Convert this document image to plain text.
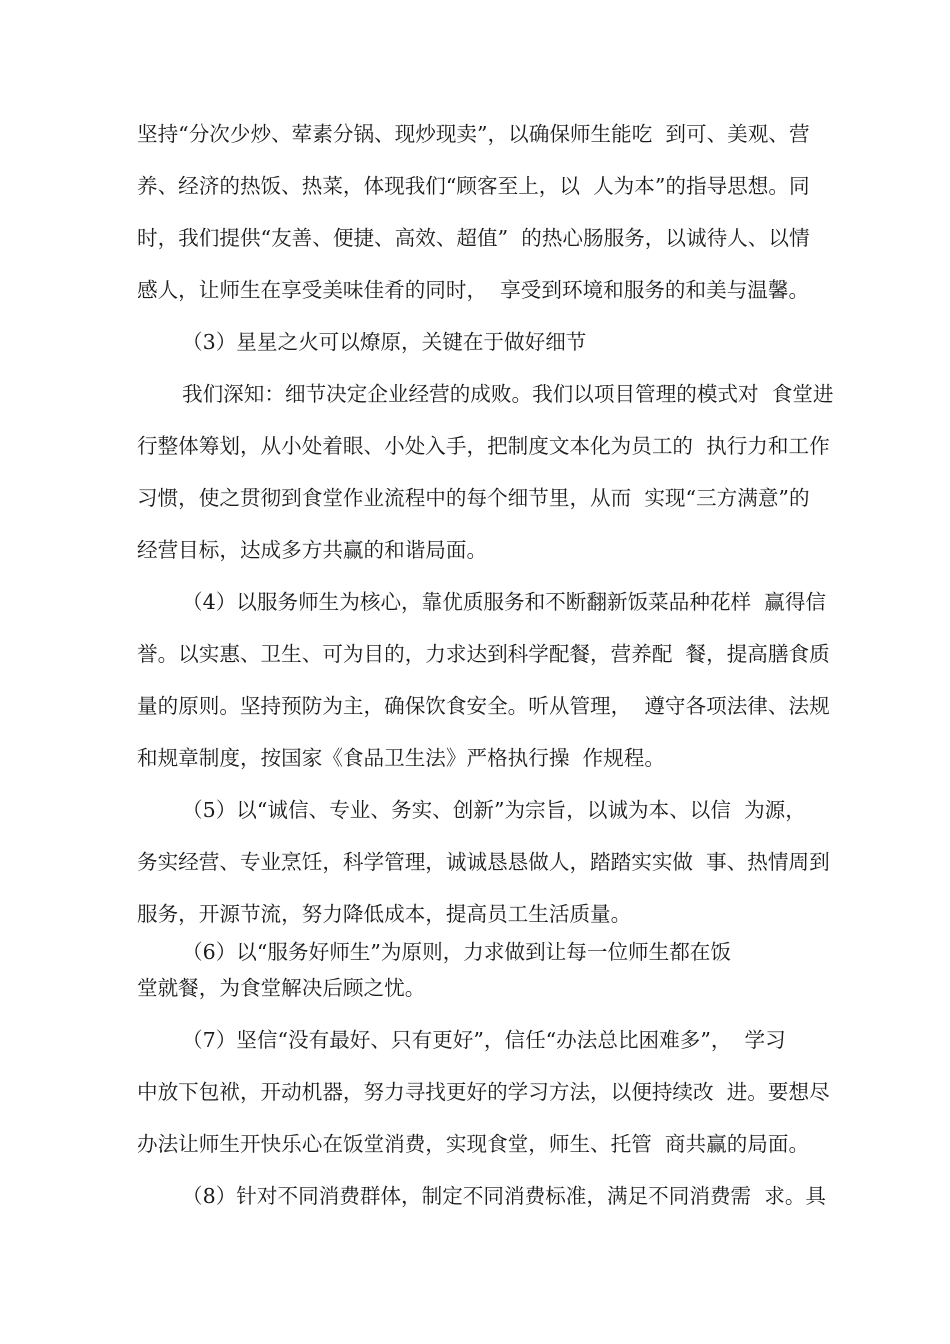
坚持“分次少炒、荤素分锅、现炒现卖”，以确保师生能吃  到可、美观、营
养、经济的热饭、热菜，体现我们“顾客至上，以  人为本”的指导思想。同
时，我们提供“友善、便捷、高效、超值”  的热心肠服务，以诚待人、以情
感人，让师生在享受美味佳肴的同时，  享受到环境和服务的和美与温馨。
（3）星星之火可以燎原，关键在于做好细节
我们深知：细节决定企业经营的成败。我们以项目管理的模式对  食堂进
行整体筹划，从小处着眼、小处入手，把制度文本化为员工的  执行力和工作
习惯，使之贯彻到食堂作业流程中的每个细节里，从而  实现“三方满意”的
经营目标，达成多方共赢的和谐局面。
（4）以服务师生为核心，靠优质服务和不断翻新饭菜品种花样  赢得信
誉。以实惠、卫生、可为目的，力求达到科学配餐，营养配  餐，提高膳食质
量的原则。坚持预防为主，确保饮食安全。听从管理，  遵守各项法律、法规
和规章制度，按国家《食品卫生法》严格执行操  作规程。
（5）以“诚信、专业、务实、创新”为宗旨，以诚为本、以信  为源，
务实经营、专业烹饪，科学管理，诚诚恳恳做人，踏踏实实做  事、热情周到
服务，开源节流，努力降低成本，提高员工生活质量。
（6）以“服务好师生”为原则，力求做到让每一位师生都在饭
堂就餐，为食堂解决后顾之忧。
（7）坚信“没有最好、只有更好”，信任“办法总比困难多”，  学习
中放下包袱，开动机器，努力寻找更好的学习方法，以便持续改  进。要想尽
办法让师生开快乐心在饭堂消费，实现食堂，师生、托管  商共赢的局面。
（8）针对不同消费群体，制定不同消费标准，满足不同消费需  求。具
